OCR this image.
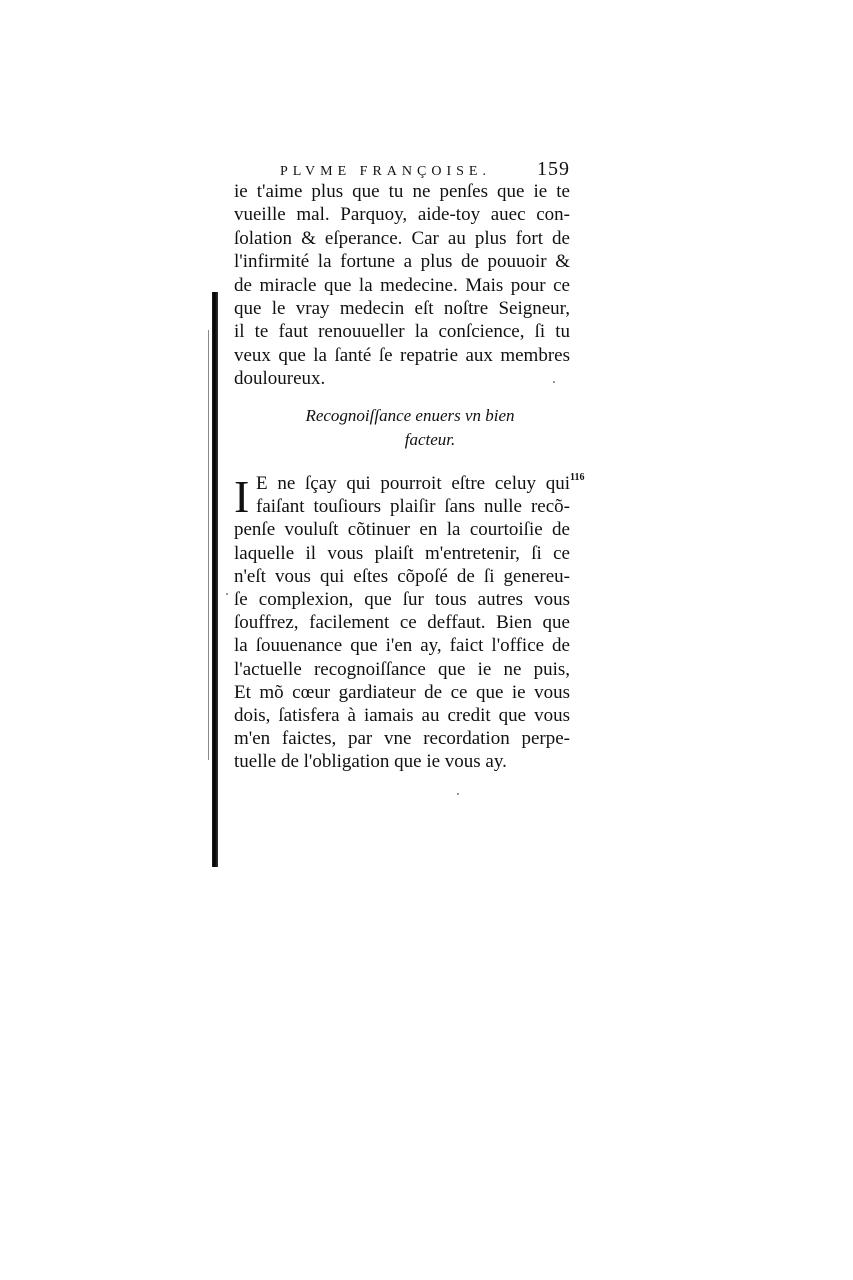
PLVME FRANÇOISE. 159
ie t'aime plus que tu ne penſes que ie te
vueille mal. Parquoy, aide-toy auec con-
ſolation & eſperance. Car au plus fort de
l'infirmité la fortune a plus de pouuoir &
de miracle que la medecine. Mais pour ce
que le vray medecin eſt noſtre Seigneur,
il te faut renouueller la conſcience, ſi tu
veux que la ſanté ſe repatrie aux membres
douloureux.
Recognoiſſance enuers vn bien
facteur.
I	116
E ne ſçay qui pourroit eſtre celuy qui
faiſant touſiours plaiſir ſans nulle recõ-
penſe vouluſt cõtinuer en la courtoiſie de
laquelle il vous plaiſt m'entretenir, ſi ce
n'eſt vous qui eſtes cõpoſé de ſi genereu-
ſe complexion, que ſur tous autres vous
ſouffrez, facilement ce deffaut. Bien que
la ſouuenance que i'en ay, faict l'office de
l'actuelle recognoiſſance que ie ne puis,
Et mõ cœur gardiateur de ce que ie vous
dois, ſatisfera à iamais au credit que vous
m'en faictes, par vne recordation perpe-
tuelle de l'obligation que ie vous ay.
